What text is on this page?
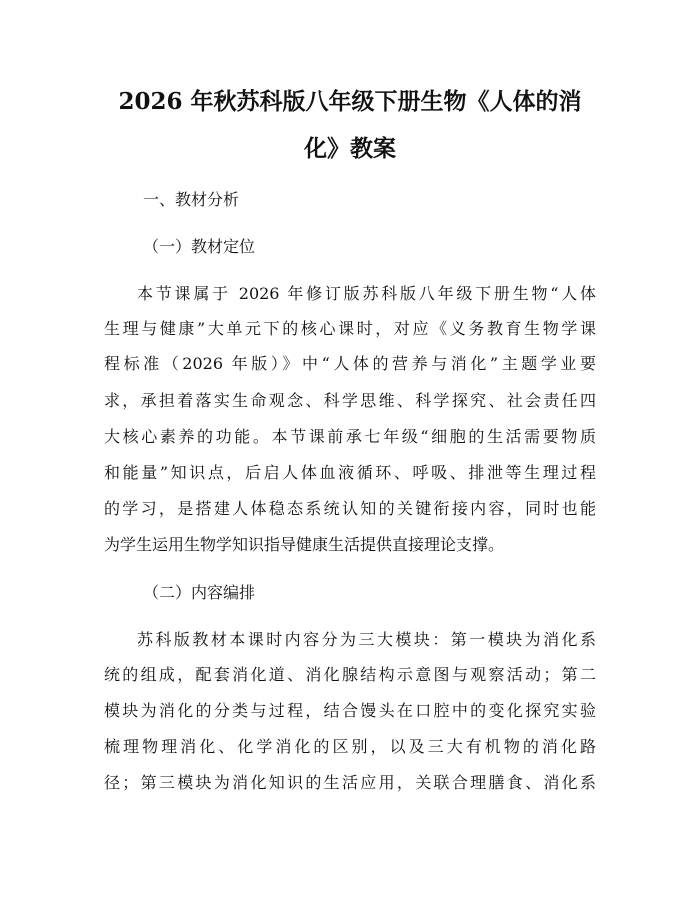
2026 年秋苏科版八年级下册生物《人体的消
化》教案

一、教材分析

（一）教材定位

本节课属于 2026 年修订版苏科版八年级下册生物“人体

生理与健康”大单元下的核心课时，对应《义务教育生物学课

程标准（2026 年版）》中“人体的营养与消化”主题学业要

求，承担着落实生命观念、科学思维、科学探究、社会责任四

大核心素养的功能。本节课前承七年级“细胞的生活需要物质

和能量”知识点，后启人体血液循环、呼吸、排泄等生理过程

的学习，是搭建人体稳态系统认知的关键衔接内容，同时也能

为学生运用生物学知识指导健康生活提供直接理论支撑。

（二）内容编排

苏科版教材本课时内容分为三大模块：第一模块为消化系

统的组成，配套消化道、消化腺结构示意图与观察活动；第二

模块为消化的分类与过程，结合馒头在口腔中的变化探究实验

梳理物理消化、化学消化的区别，以及三大有机物的消化路

径；第三模块为消化知识的生活应用，关联合理膳食、消化系
